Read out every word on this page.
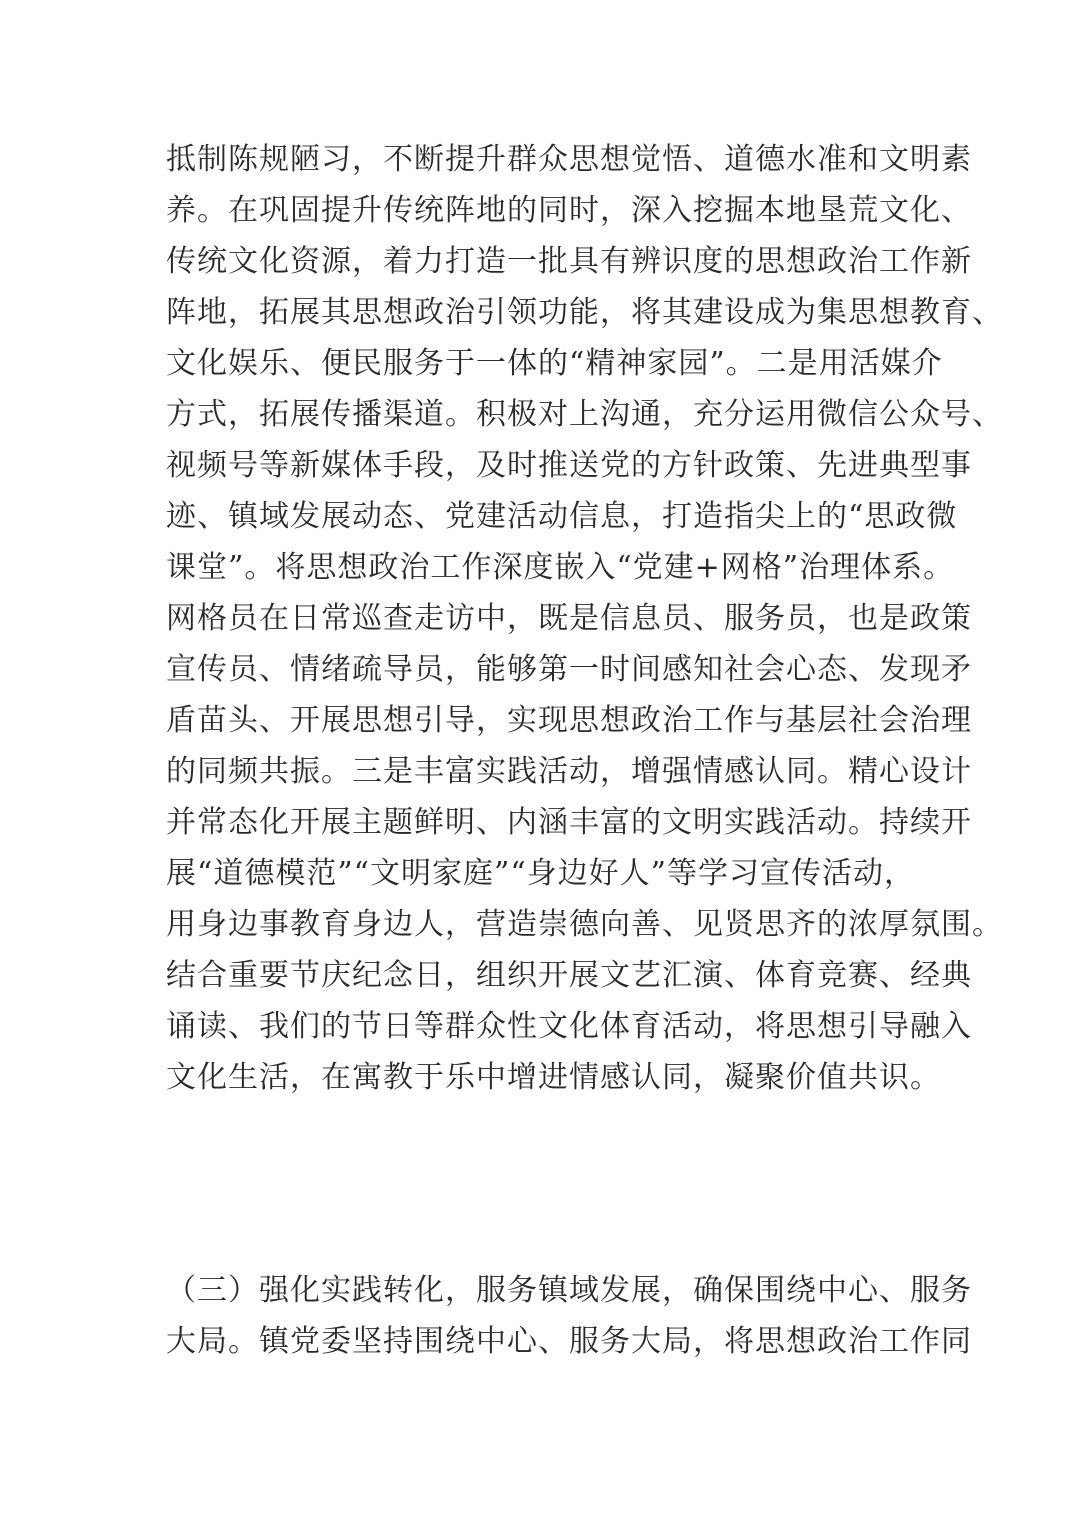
抵制陈规陋习，不断提升群众思想觉悟、道德水准和文明素
养。在巩固提升传统阵地的同时，深入挖掘本地垦荒文化、
传统文化资源，着力打造一批具有辨识度的思想政治工作新
阵地，拓展其思想政治引领功能，将其建设成为集思想教育、
文化娱乐、便民服务于一体的“精神家园”。二是用活媒介
方式，拓展传播渠道。积极对上沟通，充分运用微信公众号、
视频号等新媒体手段，及时推送党的方针政策、先进典型事
迹、镇域发展动态、党建活动信息，打造指尖上的“思政微
课堂”。将思想政治工作深度嵌入“党建+网格”治理体系。
网格员在日常巡查走访中，既是信息员、服务员，也是政策
宣传员、情绪疏导员，能够第一时间感知社会心态、发现矛
盾苗头、开展思想引导，实现思想政治工作与基层社会治理
的同频共振。三是丰富实践活动，增强情感认同。精心设计
并常态化开展主题鲜明、内涵丰富的文明实践活动。持续开
展“道德模范”“文明家庭”“身边好人”等学习宣传活动，
用身边事教育身边人，营造崇德向善、见贤思齐的浓厚氛围。
结合重要节庆纪念日，组织开展文艺汇演、体育竞赛、经典
诵读、我们的节日等群众性文化体育活动，将思想引导融入
文化生活，在寓教于乐中增进情感认同，凝聚价值共识。
（三）强化实践转化，服务镇域发展，确保围绕中心、服务
大局。镇党委坚持围绕中心、服务大局，将思想政治工作同
